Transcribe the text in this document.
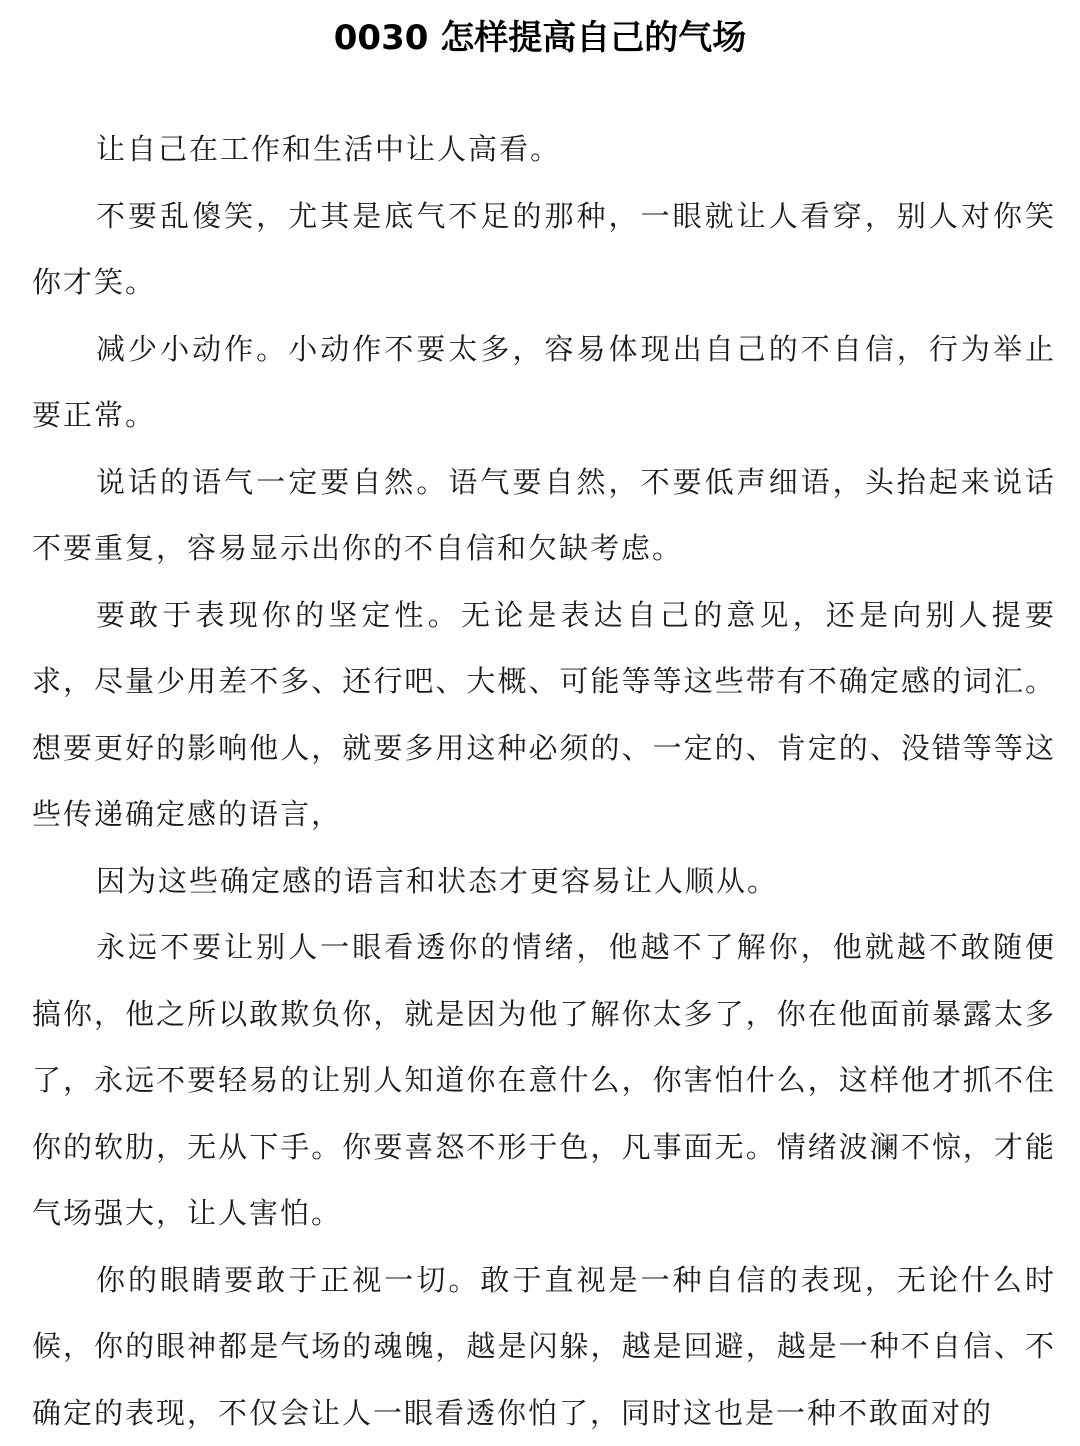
0030 怎样提高自己的气场

让自己在工作和生活中让人高看。

不要乱傻笑，尤其是底气不足的那种，一眼就让人看穿，别人对你笑你才笑。

减少小动作。小动作不要太多，容易体现出自己的不自信，行为举止要正常。

说话的语气一定要自然。语气要自然，不要低声细语，头抬起来说话不要重复，容易显示出你的不自信和欠缺考虑。

要敢于表现你的坚定性。无论是表达自己的意见，还是向别人提要求，尽量少用差不多、还行吧、大概、可能等等这些带有不确定感的词汇。想要更好的影响他人，就要多用这种必须的、一定的、肯定的、没错等等这些传递确定感的语言，

因为这些确定感的语言和状态才更容易让人顺从。

永远不要让别人一眼看透你的情绪，他越不了解你，他就越不敢随便搞你，他之所以敢欺负你，就是因为他了解你太多了，你在他面前暴露太多了，永远不要轻易的让别人知道你在意什么，你害怕什么，这样他才抓不住你的软肋，无从下手。你要喜怒不形于色，凡事面无。情绪波澜不惊，才能气场强大，让人害怕。

你的眼睛要敢于正视一切。敢于直视是一种自信的表现，无论什么时候，你的眼神都是气场的魂魄，越是闪躲，越是回避，越是一种不自信、不确定的表现，不仅会让人一眼看透你怕了，同时这也是一种不敢面对的
